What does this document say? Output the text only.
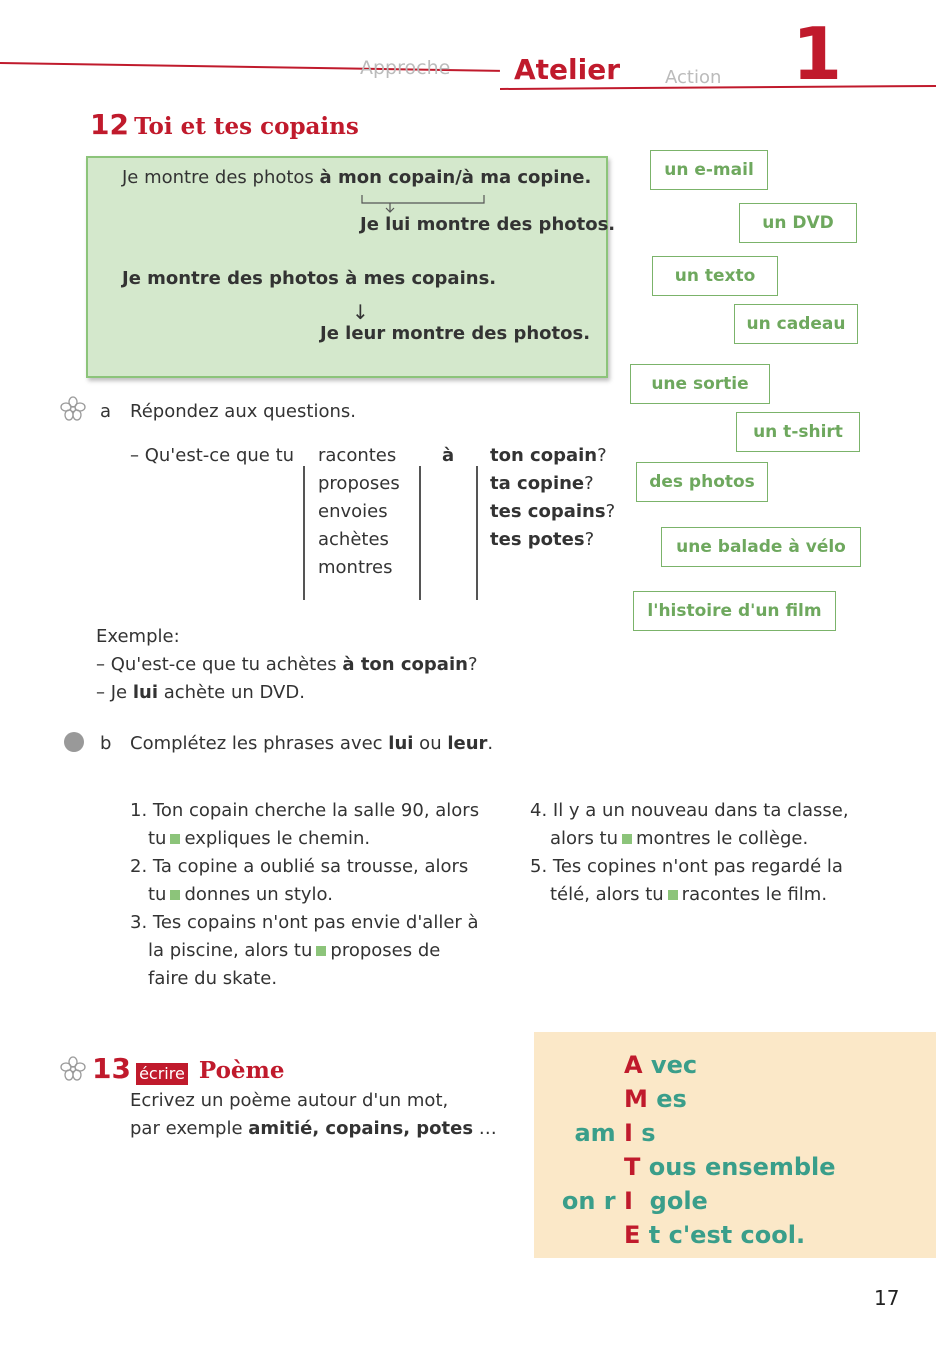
Approche Atelier Action 1
12 Toi et tes copains
Je montre des photos à mon copain/à ma copine.
Je lui montre des photos.
Je montre des photos à mes copains.
↓
Je leur montre des photos.
un e-mail
un DVD
un texto
un cadeau
une sortie
un t-shirt
des photos
une balade à vélo
l'histoire d'un film
a Répondez aux questions.
– Qu'est-ce que tu racontes
proposes
envoies
achètes
montres
à ton copain?
ta copine?
tes copains?
tes potes?
Exemple:
– Qu'est-ce que tu achètes à ton copain?
– Je lui achète un DVD.
b Complétez les phrases avec lui ou leur.
1. Ton copain cherche la salle 90, alors
tu expliques le chemin.
2. Ta copine a oublié sa trousse, alors
tu donnes un stylo.
3. Tes copains n'ont pas envie d'aller à
la piscine, alors tu proposes de
faire du skate.
4. Il y a un nouveau dans ta classe,
alors tu montres le collège.
5. Tes copines n'ont pas regardé la
télé, alors tu racontes le film.
13 écrire Poème
Ecrivez un poème autour d'un mot,
par exemple amitié, copains, potes …
A vec
M es
am I s
T ous ensemble
on r I gole
E t c'est cool.
17
